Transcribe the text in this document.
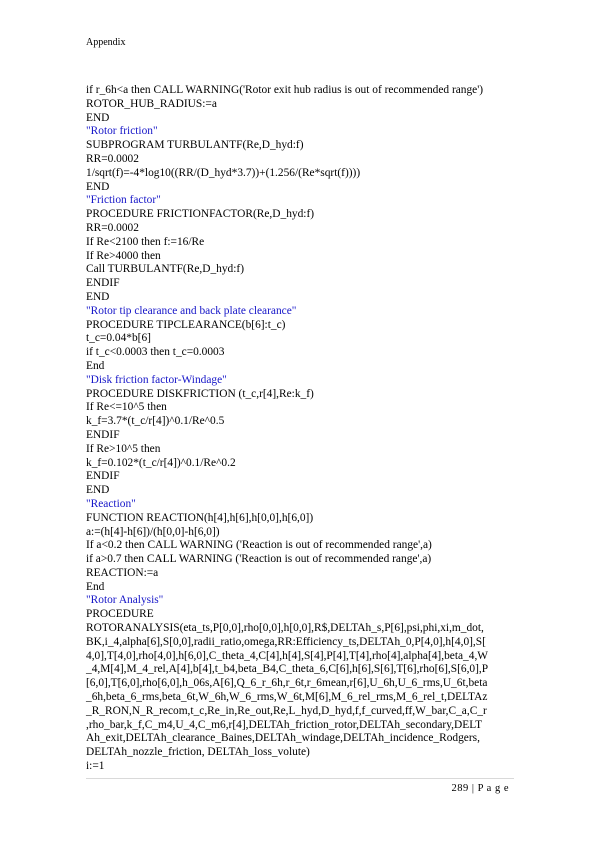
Appendix
if r_6h<a then CALL WARNING('Rotor exit hub radius is out of recommended range')
ROTOR_HUB_RADIUS:=a
END
"Rotor friction"
SUBPROGRAM TURBULANTF(Re,D_hyd:f)
RR=0.0002
1/sqrt(f)=-4*log10((RR/(D_hyd*3.7))+(1.256/(Re*sqrt(f))))
END
"Friction factor"
PROCEDURE FRICTIONFACTOR(Re,D_hyd:f)
RR=0.0002
If Re<2100 then f:=16/Re
If Re>4000 then
Call TURBULANTF(Re,D_hyd:f)
ENDIF
END
"Rotor tip clearance and back plate clearance"
PROCEDURE TIPCLEARANCE(b[6]:t_c)
t_c=0.04*b[6]
if t_c<0.0003 then t_c=0.0003
End
"Disk friction factor-Windage"
PROCEDURE DISKFRICTION (t_c,r[4],Re:k_f)
If Re<=10^5 then
k_f=3.7*(t_c/r[4])^0.1/Re^0.5
ENDIF
If Re>10^5 then
k_f=0.102*(t_c/r[4])^0.1/Re^0.2
ENDIF
END
"Reaction"
FUNCTION REACTION(h[4],h[6],h[0,0],h[6,0])
a:=(h[4]-h[6])/(h[0,0]-h[6,0])
If a<0.2 then CALL WARNING ('Reaction is out of recommended range',a)
if a>0.7 then CALL WARNING ('Reaction is out of recommended range',a)
REACTION:=a
End
"Rotor Analysis"
PROCEDURE
ROTORANALYSIS(eta_ts,P[0,0],rho[0,0],h[0,0],R$,DELTAh_s,P[6],psi,phi,xi,m_dot,
BK,i_4,alpha[6],S[0,0],radii_ratio,omega,RR:Efficiency_ts,DELTAh_0,P[4,0],h[4,0],S[
4,0],T[4,0],rho[4,0],h[6,0],C_theta_4,C[4],h[4],S[4],P[4],T[4],rho[4],alpha[4],beta_4,W
_4,M[4],M_4_rel,A[4],b[4],t_b4,beta_B4,C_theta_6,C[6],h[6],S[6],T[6],rho[6],S[6,0],P
[6,0],T[6,0],rho[6,0],h_06s,A[6],Q_6_r_6h,r_6t,r_6mean,r[6],U_6h,U_6_rms,U_6t,beta
_6h,beta_6_rms,beta_6t,W_6h,W_6_rms,W_6t,M[6],M_6_rel_rms,M_6_rel_t,DELTAz
_R_RON,N_R_recom,t_c,Re_in,Re_out,Re,L_hyd,D_hyd,f,f_curved,ff,W_bar,C_a,C_r
,rho_bar,k_f,C_m4,U_4,C_m6,r[4],DELTAh_friction_rotor,DELTAh_secondary,DELT
Ah_exit,DELTAh_clearance_Baines,DELTAh_windage,DELTAh_incidence_Rodgers,
DELTAh_nozzle_friction, DELTAh_loss_volute)
i:=1
289 | P a g e
